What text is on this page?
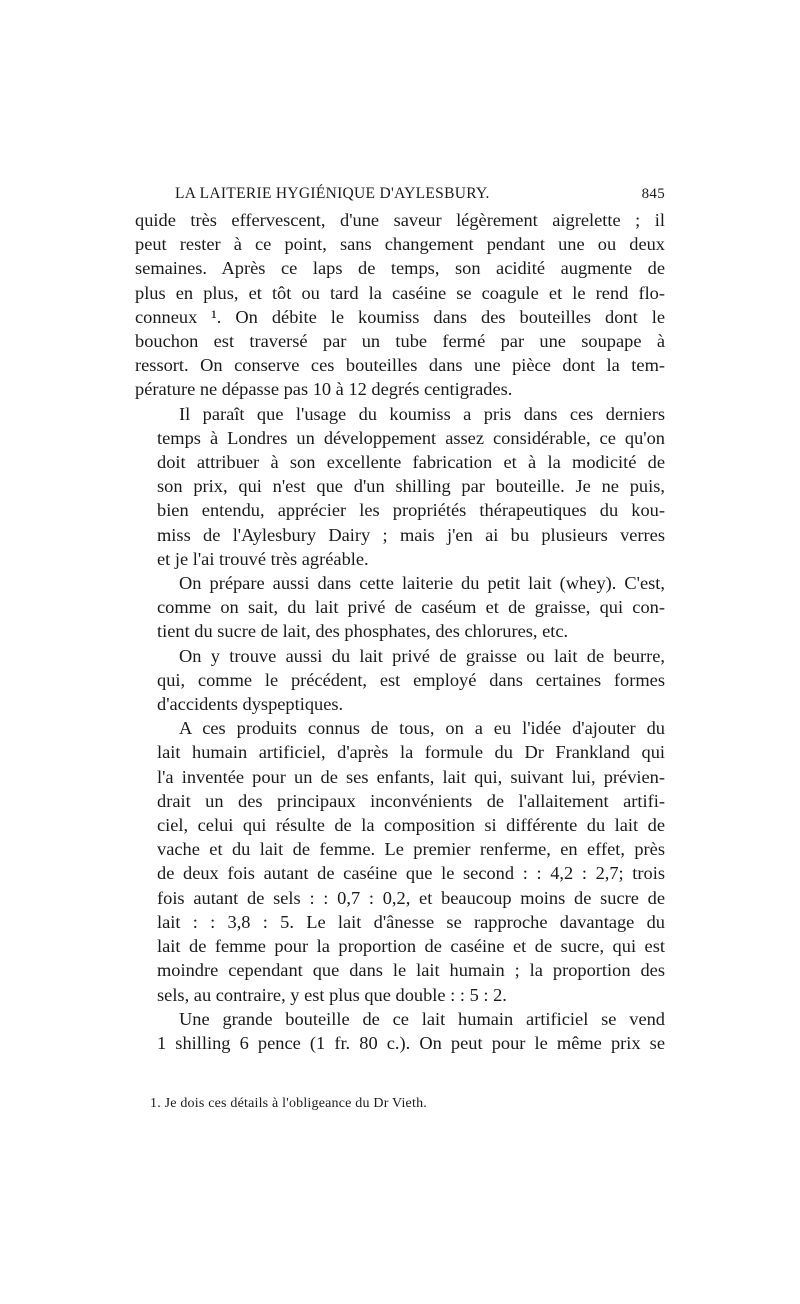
LA LAITERIE HYGIÉNIQUE D'AYLESBURY.	845

quide très effervescent, d'une saveur légèrement aigrelette ; il
peut rester à ce point, sans changement pendant une ou deux
semaines. Après ce laps de temps, son acidité augmente de
plus en plus, et tôt ou tard la caséine se coagule et le rend flo-
conneux ¹. On débite le koumiss dans des bouteilles dont le
bouchon est traversé par un tube fermé par une soupape à
ressort. On conserve ces bouteilles dans une pièce dont la tem-
pérature ne dépasse pas 10 à 12 degrés centigrades.

Il paraît que l'usage du koumiss a pris dans ces derniers
temps à Londres un développement assez considérable, ce qu'on
doit attribuer à son excellente fabrication et à la modicité de
son prix, qui n'est que d'un shilling par bouteille. Je ne puis,
bien entendu, apprécier les propriétés thérapeutiques du kou-
miss de l'Aylesbury Dairy ; mais j'en ai bu plusieurs verres
et je l'ai trouvé très agréable.

On prépare aussi dans cette laiterie du petit lait (whey). C'est,
comme on sait, du lait privé de caséum et de graisse, qui con-
tient du sucre de lait, des phosphates, des chlorures, etc.

On y trouve aussi du lait privé de graisse ou lait de beurre,
qui, comme le précédent, est employé dans certaines formes
d'accidents dyspeptiques.

A ces produits connus de tous, on a eu l'idée d'ajouter du
lait humain artificiel, d'après la formule du Dr Frankland qui
l'a inventée pour un de ses enfants, lait qui, suivant lui, prévien-
drait un des principaux inconvénients de l'allaitement artifi-
ciel, celui qui résulte de la composition si différente du lait de
vache et du lait de femme. Le premier renferme, en effet, près
de deux fois autant de caséine que le second : : 4,2 : 2,7; trois
fois autant de sels : : 0,7 : 0,2, et beaucoup moins de sucre de
lait : : 3,8 : 5. Le lait d'ânesse se rapproche davantage du
lait de femme pour la proportion de caséine et de sucre, qui est
moindre cependant que dans le lait humain ; la proportion des
sels, au contraire, y est plus que double : : 5 : 2.

Une grande bouteille de ce lait humain artificiel se vend
1 shilling 6 pence (1 fr. 80 c.). On peut pour le même prix se

1. Je dois ces détails à l'obligeance du Dr Vieth.
